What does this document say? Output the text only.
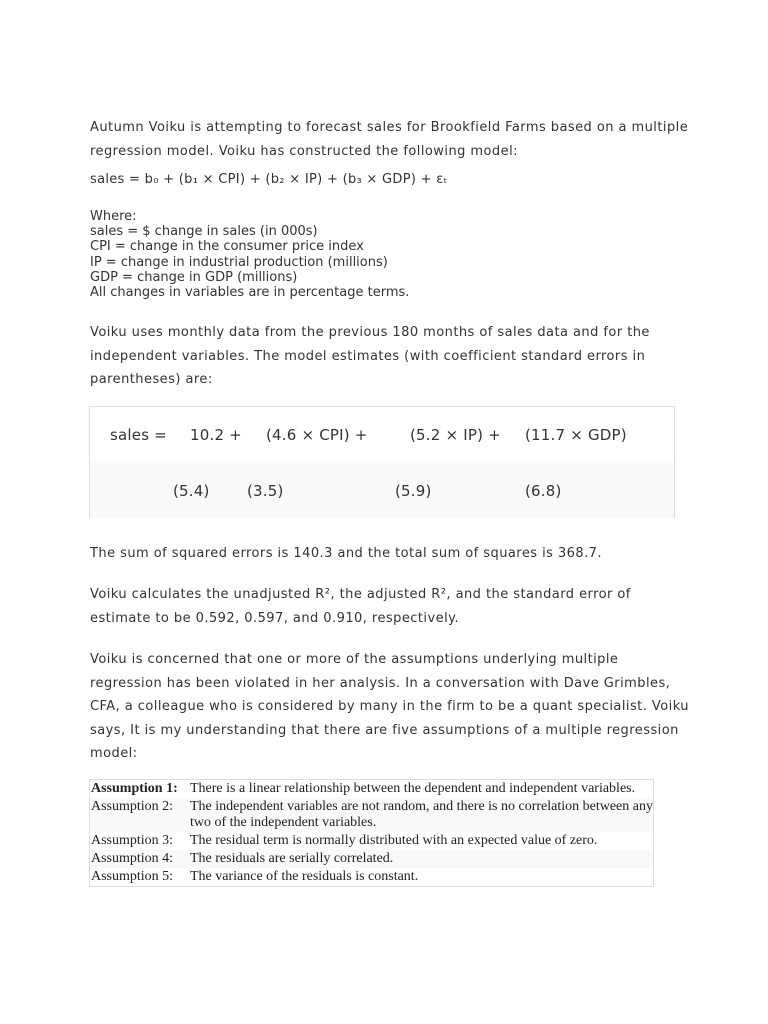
Autumn Voiku is attempting to forecast sales for Brookfield Farms based on a multiple regression model. Voiku has constructed the following model:

sales = b₀ + (b₁ × CPI) + (b₂ × IP) + (b₃ × GDP) + εₜ
Where:
sales = $ change in sales (in 000s)
CPI = change in the consumer price index
IP = change in industrial production (millions)
GDP = change in GDP (millions)
All changes in variables are in percentage terms.

Voiku uses monthly data from the previous 180 months of sales data and for the independent variables. The model estimates (with coefficient standard errors in parentheses) are:

sales = 10.2 + (4.6 × CPI) +	(5.2 × IP) + (11.7 × GDP)
(5.4) (3.5)	(5.9)	(6.8)

The sum of squared errors is 140.3 and the total sum of squares is 368.7.

Voiku calculates the unadjusted R², the adjusted R², and the standard error of estimate to be 0.592, 0.597, and 0.910, respectively.

Voiku is concerned that one or more of the assumptions underlying multiple regression has been violated in her analysis. In a conversation with Dave Grimbles, CFA, a colleague who is considered by many in the firm to be a quant specialist. Voiku says, It is my understanding that there are five assumptions of a multiple regression model:

Assumption 1: There is a linear relationship between the dependent and independent variables.
Assumption 2:	The independent variables are not random, and there is no correlation between any two of the independent variables.
Assumption 3:	The residual term is normally distributed with an expected value of zero.
Assumption 4:	The residuals are serially correlated.
Assumption 5:	The variance of the residuals is constant.
